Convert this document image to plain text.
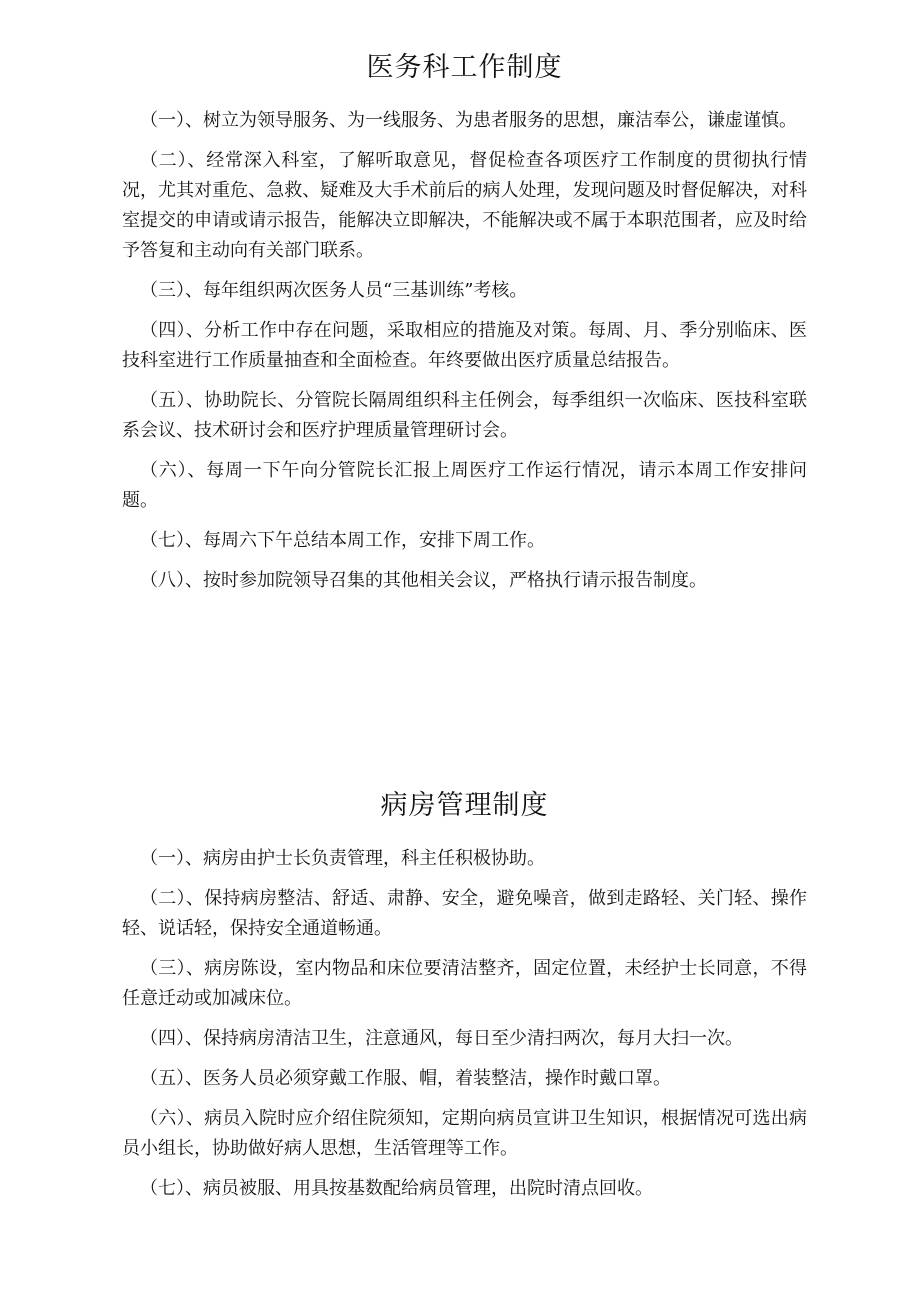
医务科工作制度

（一）、树立为领导服务、为一线服务、为患者服务的思想，廉洁奉公，谦虚谨慎。

（二）、经常深入科室，了解听取意见，督促检查各项医疗工作制度的贯彻执行情况，尤其对重危、急救、疑难及大手术前后的病人处理，发现问题及时督促解决，对科室提交的申请或请示报告，能解决立即解决，不能解决或不属于本职范围者，应及时给予答复和主动向有关部门联系。

（三）、每年组织两次医务人员“三基训练”考核。

（四）、分析工作中存在问题，采取相应的措施及对策。每周、月、季分别临床、医技科室进行工作质量抽查和全面检查。年终要做出医疗质量总结报告。

（五）、协助院长、分管院长隔周组织科主任例会，每季组织一次临床、医技科室联系会议、技术研讨会和医疗护理质量管理研讨会。

（六）、每周一下午向分管院长汇报上周医疗工作运行情况，请示本周工作安排问题。

（七）、每周六下午总结本周工作，安排下周工作。

（八）、按时参加院领导召集的其他相关会议，严格执行请示报告制度。

病房管理制度

（一）、病房由护士长负责管理，科主任积极协助。

（二）、保持病房整洁、舒适、肃静、安全，避免噪音，做到走路轻、关门轻、操作轻、说话轻，保持安全通道畅通。

（三）、病房陈设，室内物品和床位要清洁整齐，固定位置，未经护士长同意，不得任意迁动或加减床位。

（四）、保持病房清洁卫生，注意通风，每日至少清扫两次，每月大扫一次。

（五）、医务人员必须穿戴工作服、帽，着装整洁，操作时戴口罩。

（六）、病员入院时应介绍住院须知，定期向病员宣讲卫生知识，根据情况可选出病员小组长，协助做好病人思想，生活管理等工作。

（七）、病员被服、用具按基数配给病员管理，出院时清点回收。
